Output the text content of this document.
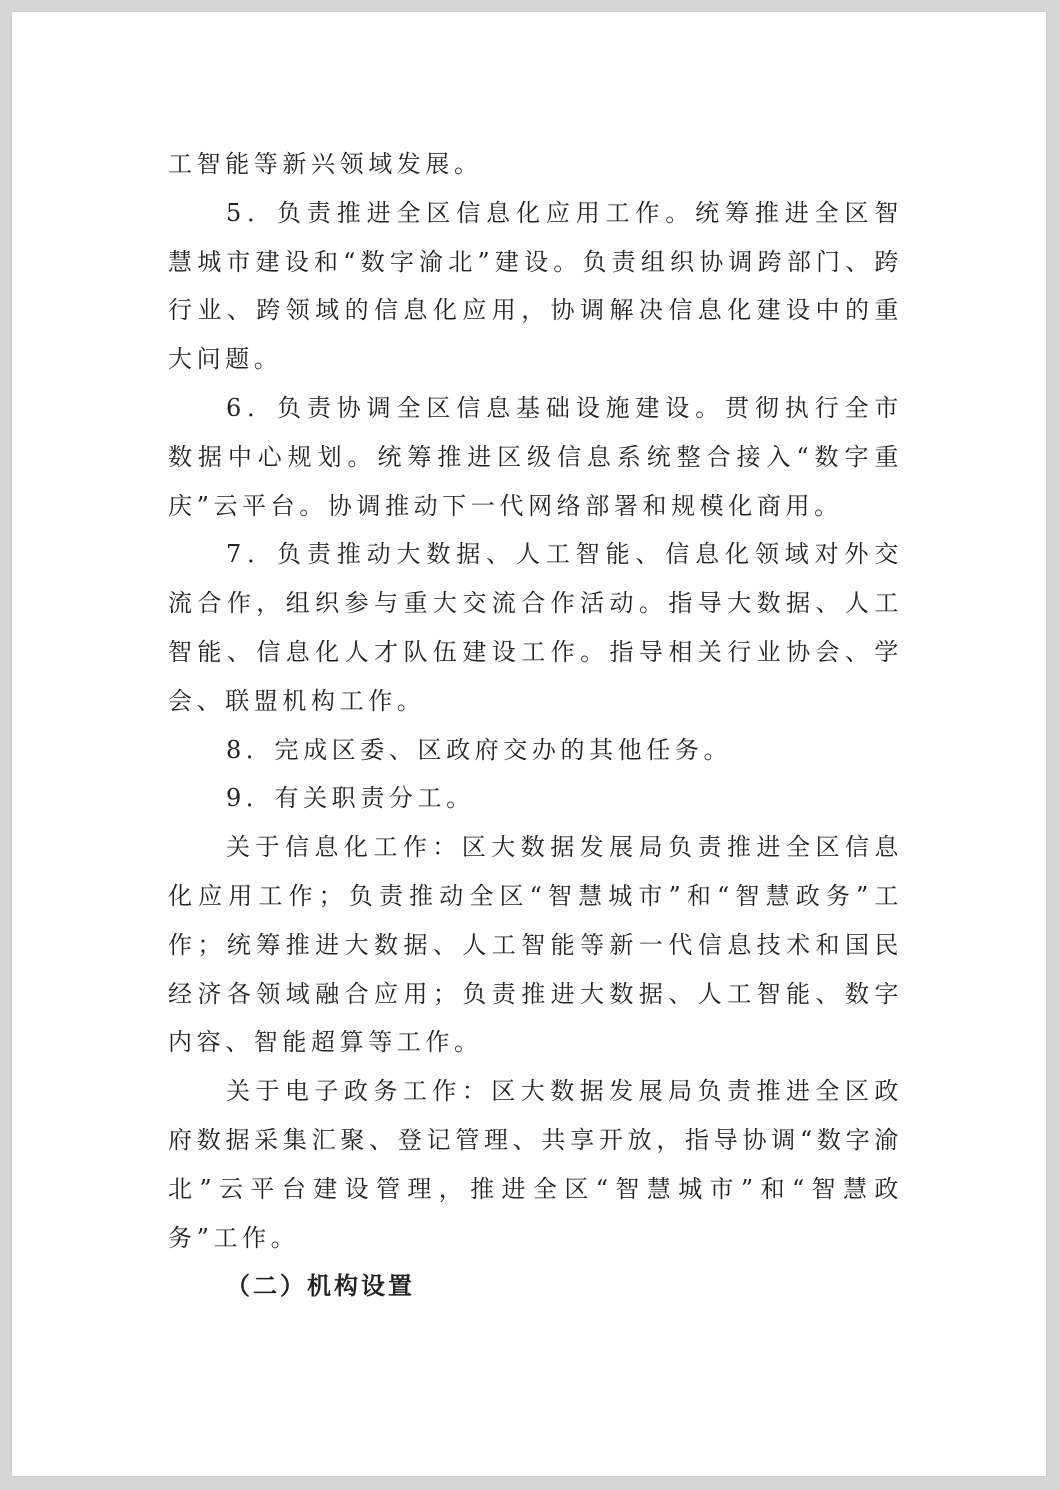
工智能等新兴领域发展。

5．负责推进全区信息化应用工作。统筹推进全区智慧城市建设和“数字渝北”建设。负责组织协调跨部门、跨行业、跨领域的信息化应用，协调解决信息化建设中的重大问题。

6．负责协调全区信息基础设施建设。贯彻执行全市数据中心规划。统筹推进区级信息系统整合接入“数字重庆”云平台。协调推动下一代网络部署和规模化商用。

7．负责推动大数据、人工智能、信息化领域对外交流合作，组织参与重大交流合作活动。指导大数据、人工智能、信息化人才队伍建设工作。指导相关行业协会、学会、联盟机构工作。

8．完成区委、区政府交办的其他任务。

9．有关职责分工。

关于信息化工作：区大数据发展局负责推进全区信息化应用工作；负责推动全区“智慧城市”和“智慧政务”工作；统筹推进大数据、人工智能等新一代信息技术和国民经济各领域融合应用；负责推进大数据、人工智能、数字内容、智能超算等工作。

关于电子政务工作：区大数据发展局负责推进全区政府数据采集汇聚、登记管理、共享开放，指导协调“数字渝北”云平台建设管理，推进全区“智慧城市”和“智慧政务”工作。

（二）机构设置
